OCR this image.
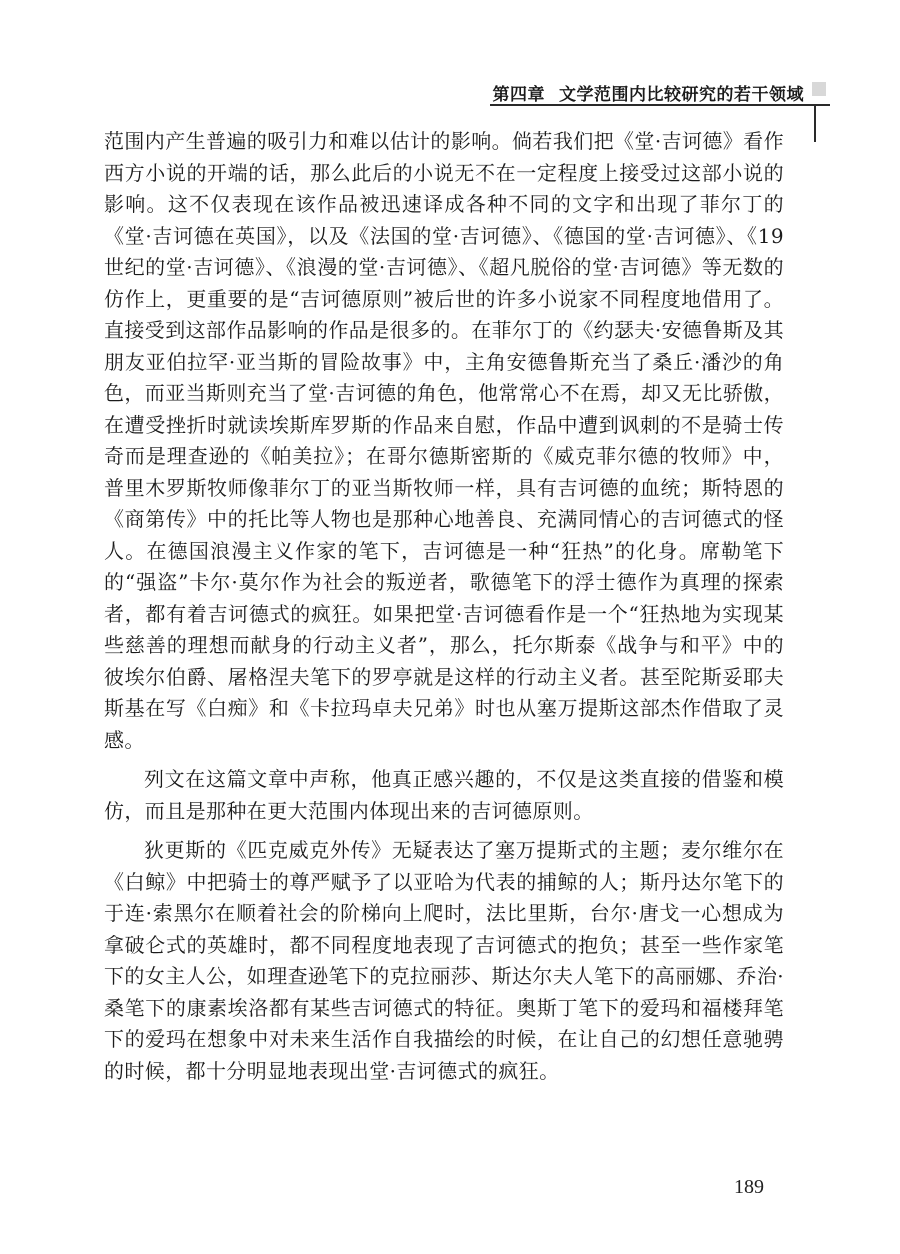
第四章 文学范围内比较研究的若干领域

范围内产生普遍的吸引力和难以估计的影响。倘若我们把《堂·吉诃德》看作西方小说的开端的话，那么此后的小说无不在一定程度上接受过这部小说的影响。这不仅表现在该作品被迅速译成各种不同的文字和出现了菲尔丁的《堂·吉诃德在英国》，以及《法国的堂·吉诃德》、《德国的堂·吉诃德》、《19世纪的堂·吉诃德》、《浪漫的堂·吉诃德》、《超凡脱俗的堂·吉诃德》等无数的仿作上，更重要的是“吉诃德原则”被后世的许多小说家不同程度地借用了。直接受到这部作品影响的作品是很多的。在菲尔丁的《约瑟夫·安德鲁斯及其朋友亚伯拉罕·亚当斯的冒险故事》中，主角安德鲁斯充当了桑丘·潘沙的角色，而亚当斯则充当了堂·吉诃德的角色，他常常心不在焉，却又无比骄傲，在遭受挫折时就读埃斯库罗斯的作品来自慰，作品中遭到讽刺的不是骑士传奇而是理查逊的《帕美拉》；在哥尔德斯密斯的《威克菲尔德的牧师》中，普里木罗斯牧师像菲尔丁的亚当斯牧师一样，具有吉诃德的血统；斯特恩的《商第传》中的托比等人物也是那种心地善良、充满同情心的吉诃德式的怪人。在德国浪漫主义作家的笔下，吉诃德是一种“狂热”的化身。席勒笔下的“强盗”卡尔·莫尔作为社会的叛逆者，歌德笔下的浮士德作为真理的探索者，都有着吉诃德式的疯狂。如果把堂·吉诃德看作是一个“狂热地为实现某些慈善的理想而献身的行动主义者”，那么，托尔斯泰《战争与和平》中的彼埃尔伯爵、屠格涅夫笔下的罗亭就是这样的行动主义者。甚至陀斯妥耶夫斯基在写《白痴》和《卡拉玛卓夫兄弟》时也从塞万提斯这部杰作借取了灵感。

列文在这篇文章中声称，他真正感兴趣的，不仅是这类直接的借鉴和模仿，而且是那种在更大范围内体现出来的吉诃德原则。

狄更斯的《匹克威克外传》无疑表达了塞万提斯式的主题；麦尔维尔在《白鲸》中把骑士的尊严赋予了以亚哈为代表的捕鲸的人；斯丹达尔笔下的于连·索黑尔在顺着社会的阶梯向上爬时，法比里斯，台尔·唐戈一心想成为拿破仑式的英雄时，都不同程度地表现了吉诃德式的抱负；甚至一些作家笔下的女主人公，如理查逊笔下的克拉丽莎、斯达尔夫人笔下的高丽娜、乔治·桑笔下的康素埃洛都有某些吉诃德式的特征。奥斯丁笔下的爱玛和福楼拜笔下的爱玛在想象中对未来生活作自我描绘的时候，在让自己的幻想任意驰骋的时候，都十分明显地表现出堂·吉诃德式的疯狂。

189
